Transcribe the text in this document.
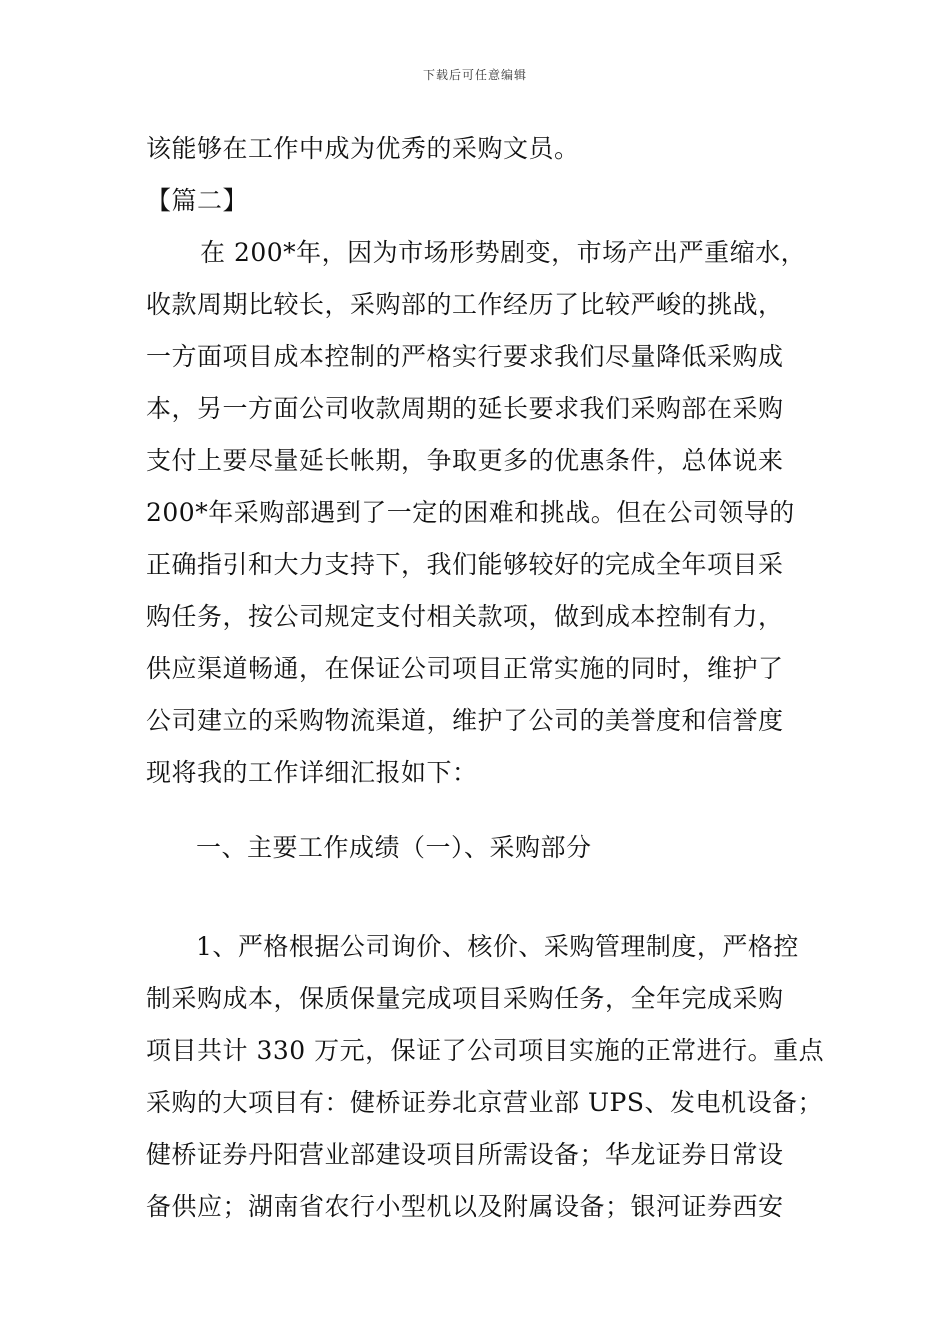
下载后可任意编辑
该能够在工作中成为优秀的采购文员。
【篇二】
在 200*年，因为市场形势剧变，市场产出严重缩水，
收款周期比较长，采购部的工作经历了比较严峻的挑战，
一方面项目成本控制的严格实行要求我们尽量降低采购成
本，另一方面公司收款周期的延长要求我们采购部在采购
支付上要尽量延长帐期，争取更多的优惠条件，总体说来
200*年采购部遇到了一定的困难和挑战。但在公司领导的
正确指引和大力支持下，我们能够较好的完成全年项目采
购任务，按公司规定支付相关款项，做到成本控制有力，
供应渠道畅通，在保证公司项目正常实施的同时，维护了
公司建立的采购物流渠道，维护了公司的美誉度和信誉度
现将我的工作详细汇报如下：
一、主要工作成绩（一）、采购部分
1、严格根据公司询价、核价、采购管理制度，严格控
制采购成本，保质保量完成项目采购任务，全年完成采购
项目共计 330 万元，保证了公司项目实施的正常进行。重点
采购的大项目有：健桥证券北京营业部 UPS、发电机设备；
健桥证券丹阳营业部建设项目所需设备；华龙证券日常设
备供应；湖南省农行小型机以及附属设备；银河证券西安
